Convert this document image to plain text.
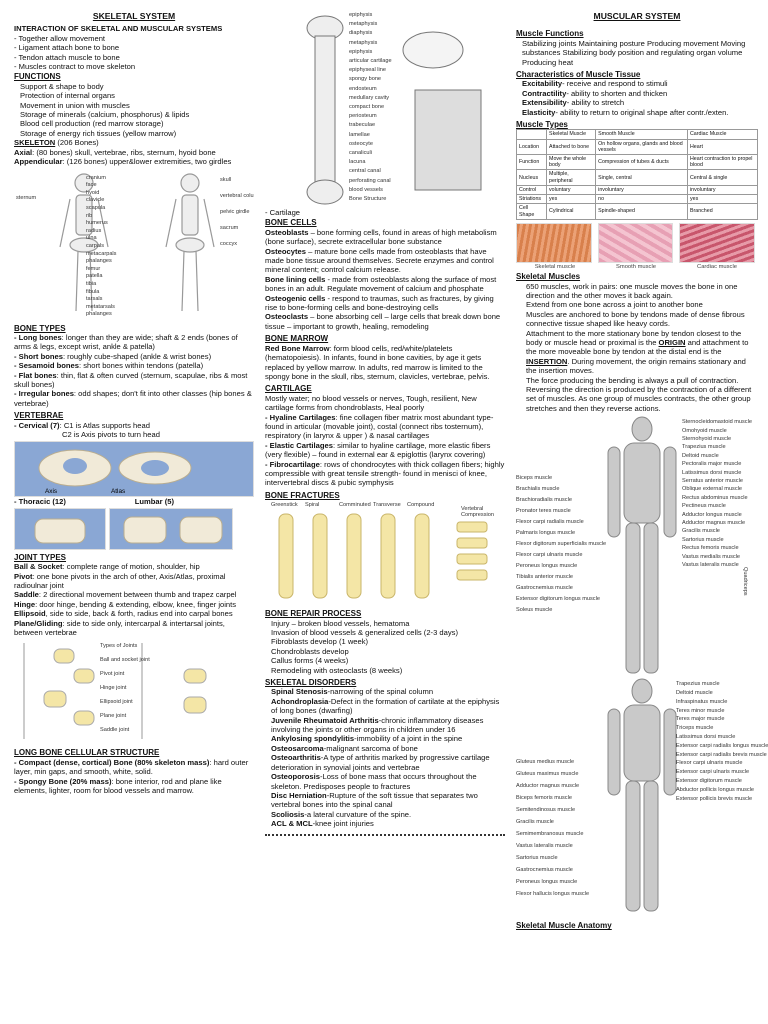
SKELETAL SYSTEM
INTERACTION OF SKELETAL AND MUSCULAR SYSTEMS
- Together allow movement
- Ligament attach bone to bone
- Tendon attach muscle to bone
- Muscles contract to move skeleton
FUNCTIONS
Support & shape to body
Protection of internal organs
Movement in union with muscles
Storage of minerals (calcium, phosphorus) & lipids
Blood cell production (red marrow storage)
Storage of energy rich tissues (yellow marrow)
SKELETON (206 Bones)
Axial: (80 bones) skull, vertebrae, ribs, sternum, hyoid bone
Appendicular: (126 bones) upper&lower extremities, two girdles
sternum
cranium
face
hyoid
clavicle
scapula
rib
humerus
radius
ulna
carpals
metacarpals
phalanges
femur
patella
tibia
fibula
tarsals
metatarsals
phalanges
skull
vertebral colu
pelvic girdle
sacrum
coccyx
BONE TYPES

- Long bones: longer than they are wide; shaft & 2 ends (bones of arms & legs, except wrist, ankle & patella)

- Short bones: roughly cube-shaped (ankle & wrist bones)

- Sesamoid bones: short bones within tendons (patella)

- Flat bones: thin, flat & often curved (sternum, scapulae, ribs & most skull bones)

- Irregular bones: odd shapes; don't fit into other classes (hip bones & vertebrae)

VERTEBRAE
- Cervical (7): C1 is Atlas supports head
C2 is Axis pivots to turn head
Axis	Atlas
- Thoracic (12)	Lumbar (5)
JOINT TYPES

Ball & Socket: complete range of motion, shoulder, hip

Pivot: one bone pivots in the arch of other, Axis/Atlas, proximal radioulnar joint

Saddle: 2 directional movement between thumb and trapez carpel

Hinge: door hinge, bending & extending, elbow, knee, finger joints

Ellipsoid, side to side, back & forth, radius end into carpal bones

Plane/Gliding: side to side only, intercarpal & intertarsal joints, between vertebrae

Types of Joints
Ball and socket joint
Pivot joint
Hinge joint
Ellipsoid joint
Plane joint
Saddle joint
LONG BONE CELLULAR STRUCTURE

- Compact (dense, cortical) Bone (80% skeleton mass): hard outer layer, min gaps, and smooth, white, solid.

- Spongy Bone (20% mass): bone interior, rod and plane like elements, lighter, room for blood vessels and marrow.

epiphysis
metaphysis
diaphysis
metaphysis
epiphysis
articular cartilage
epiphyseal line
spongy bone
endosteum
medullary cavity
compact bone
periosteum
trabeculae
lamellae
osteocyte
canaliculi
lacuna
central canal
perforating canal
blood vessels
Bone Structure
- Cartilage
BONE CELLS

Osteoblasts – bone forming cells, found in areas of high metabolism (bone surface), secrete extracellular bone substance

Osteocytes – mature bone cells made from osteoblasts that have made bone tissue around themselves. Secrete enzymes and control mineral content; control calcium release.

Bone lining cells - made from osteoblasts along the surface of most bones in an adult. Regulate movement of calcium and phosphate

Osteogenic cells - respond to traumas, such as fractures, by giving rise to bone-forming cells and bone-destroying cells

Osteoclasts – bone absorbing cell – large cells that break down bone tissue – important to growth, healing, remodeling

BONE MARROW

Red Bone Marrow: form blood cells, red/white/platelets (hematopoiesis). In infants, found in bone cavities, by age it gets replaced by yellow marrow. In adults, red marrow is limited to the spongy bone in the skull, ribs, sternum, clavicles, vertebrae, pelvis.

CARTILAGE

Mostly water; no blood vessels or nerves, Tough, resilient, New cartilage forms from chondroblasts, Heal poorly

- Hyaline Cartilages: fine collagen fiber matrix most abundant type- found in articular (movable joint), costal (connect ribs tosternum), respiratory (in larynx & upper ) & nasal cartilages

- Elastic Cartilages: similar to hyaline cartilage, more elastic fibers (very flexible) – found in external ear & epiglottis (larynx covering)

- Fibrocartilage: rows of chondrocytes with thick collagen fibers; highly compressible with great tensile strength- found in menisci of knee, intervertebral discs & pubic symphysis

BONE FRACTURES
Greenstick Spiral	Comminuted Transverse Compound
Vertebral Compression
BONE REPAIR PROCESS
Injury – broken blood vessels, hematoma
Invasion of blood vessels & generalized cells (2-3 days)
Fibroblasts develop (1 week)
Chondroblasts develop
Callus forms (4 weeks)
Remodeling with osteoclasts (8 weeks)
SKELETAL DISORDERS

Spinal Stenosis-narrowing of the spinal column

Achondroplasia-Defect in the formation of cartilate at the epiphysis of long bones (dwarfing)

Juvenile Rheumatoid Arthritis-chronic inflammatory diseases involving the joints or other organs in children under 16

Ankylosing spondylitis-immobility of a joint in the spine

Osteosarcoma-malignant sarcoma of bone

Osteoarthritis-A type of arthritis marked by progressive cartilage deterioration in synovial joints and vertebrae

Osteoporosis-Loss of bone mass that occurs throughout the skeleton. Predisposes people to fractures

Disc Herniation-Rupture of the soft tissue that separates two vertebral bones into the spinal canal

Scoliosis-a lateral curvature of the spine.

ACL & MCL-knee joint injuries

MUSCULAR SYSTEM
Muscle Functions

Stabilizing joints Maintaining posture Producing movement Moving substances Stabilizing body position and regulating organ volume Producing heat

Characteristics of Muscle Tissue

Excitability- receive and respond to stimuli

Contractility- ability to shorten and thicken

Extensibility- ability to stretch

Elasticity- ability to return to original shape after contr./exten.

Muscle Types
	Skeletal Muscle	Smooth Muscle	Cardiac Muscle
Location	Attached to bone	On hollow organs, glands and blood vessels	Heart
Function	Move the whole body	Compression of tubes & ducts	Heart contraction to propel blood
Nucleus	Multiple, peripheral	Single, central	Central & single
Control	voluntary	involuntary	involuntary
Striations	yes	no	yes
Cell Shape	Cylindrical	Spindle-shaped	Branched
Skeletal muscle	Smooth muscle	Cardiac muscle
Skeletal Muscles

650 muscles, work in pairs: one muscle moves the bone in one direction and the other moves it back again.

Extend from one bone across a joint to another bone

Muscles are anchored to bone by tendons made of dense fibrous connective tissue shaped like heavy cords.

Attachment to the more stationary bone by tendon closest to the body or muscle head or proximal is the ORIGIN and attachment to the more moveable bone by tendon at the distal end is the INSERTION. During movement, the origin remains stationary and the insertion moves.

The force producing the bending is always a pull of contraction. Reversing the direction is produced by the contraction of a different set of muscles. As one group of muscles contracts, the other group stretches and then they reverse actions.

Sternocleidomastoid muscle
Omohyoid muscle
Sternohyoid muscle
Trapezius muscle
Deltoid muscle
Pectoralis major muscle
Latissimus dorsi muscle
Serratus anterior muscle
Oblique external muscle
Rectus abdominus muscle
Pectineus muscle
Adductor longus muscle
Adductor magnus muscle
Gracilis muscle
Sartorius muscle
Rectus femoris muscle
Vastus medialis muscle
Vastus lateralis muscle
Biceps muscle
Brachialis muscle
Brachioradialis muscle
Pronator teres muscle
Flexor carpi radialis muscle
Palmaris longus muscle
Flexor digitorum superficialis muscle
Flexor carpi ulnaris muscle
Peroneus longus muscle
Tibialis anterior muscle
Gastrocnemius muscle
Extensor digitorum longus muscle
Soleus muscle
Quadriceps
Trapezius muscle
Deltoid muscle
Infraspinatus muscle
Teres minor muscle
Teres major muscle
Triceps muscle
Latissimus dorsi muscle
Extensor carpi radialis longus muscle
Extensor carpi radialis brevis muscle
Flexor carpi ulnaris muscle
Extensor carpi ulnaris muscle
Extensor digitorum muscle
Abductor pollicis longus muscle
Extensor pollicis brevis muscle
Gluteus medius muscle
Gluteus maximus muscle
Adductor magnus muscle
Biceps femoris muscle
Semitendinosus muscle
Gracilis muscle
Semimembranosus muscle
Vastus lateralis muscle
Sartorius muscle
Gastrocnemius muscle
Peroneus longus muscle
Flexor hallucis longus muscle
Skeletal Muscle Anatomy
